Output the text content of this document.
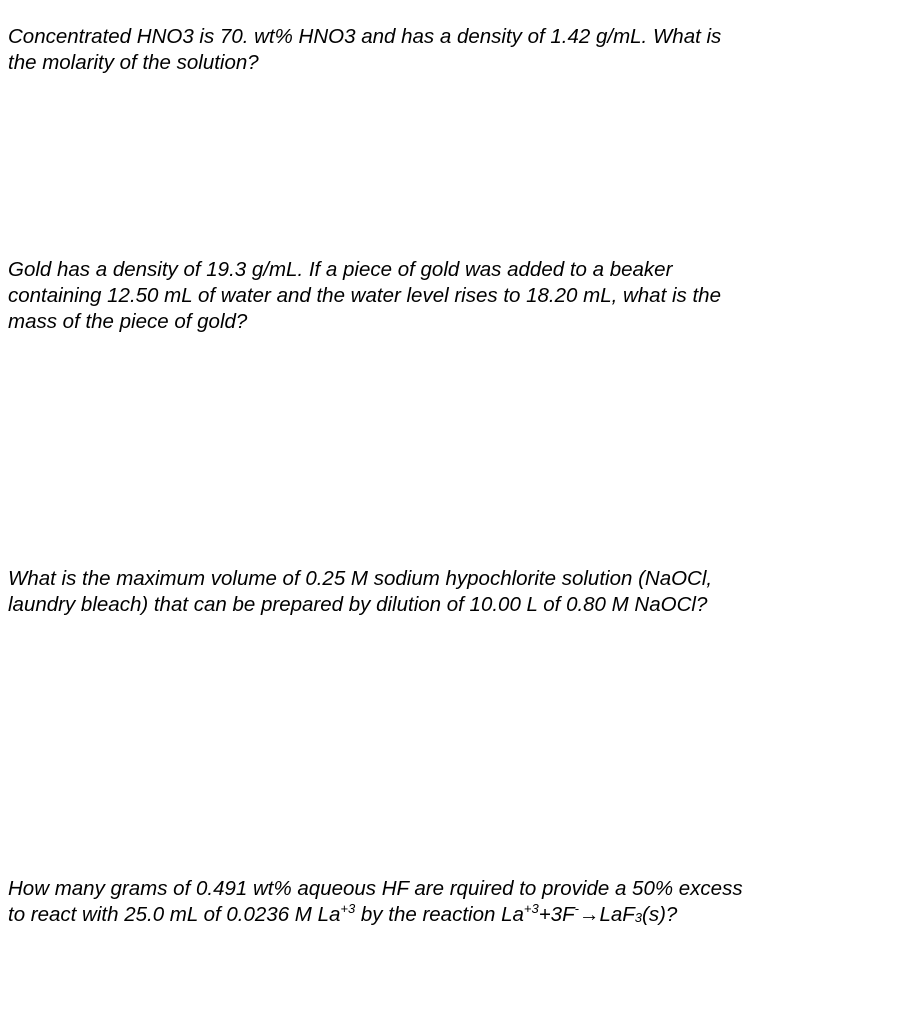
Concentrated HNO3 is 70. wt% HNO3 and has a density of 1.42 g/mL. What is
the molarity of the solution?
Gold has a density of 19.3 g/mL. If a piece of gold was added to a beaker
containing 12.50 mL of water and the water level rises to 18.20 mL, what is the
mass of the piece of gold?
What is the maximum volume of 0.25 M sodium hypochlorite solution (NaOCl,
laundry bleach) that can be prepared by dilution of 10.00 L of 0.80 M NaOCl?
How many grams of 0.491 wt% aqueous HF are rquired to provide a 50% excess
to react with 25.0 mL of 0.0236 M $La^{+3}$ by the reaction $La^{+3}+3F^-\to LaF_3(s)$?
